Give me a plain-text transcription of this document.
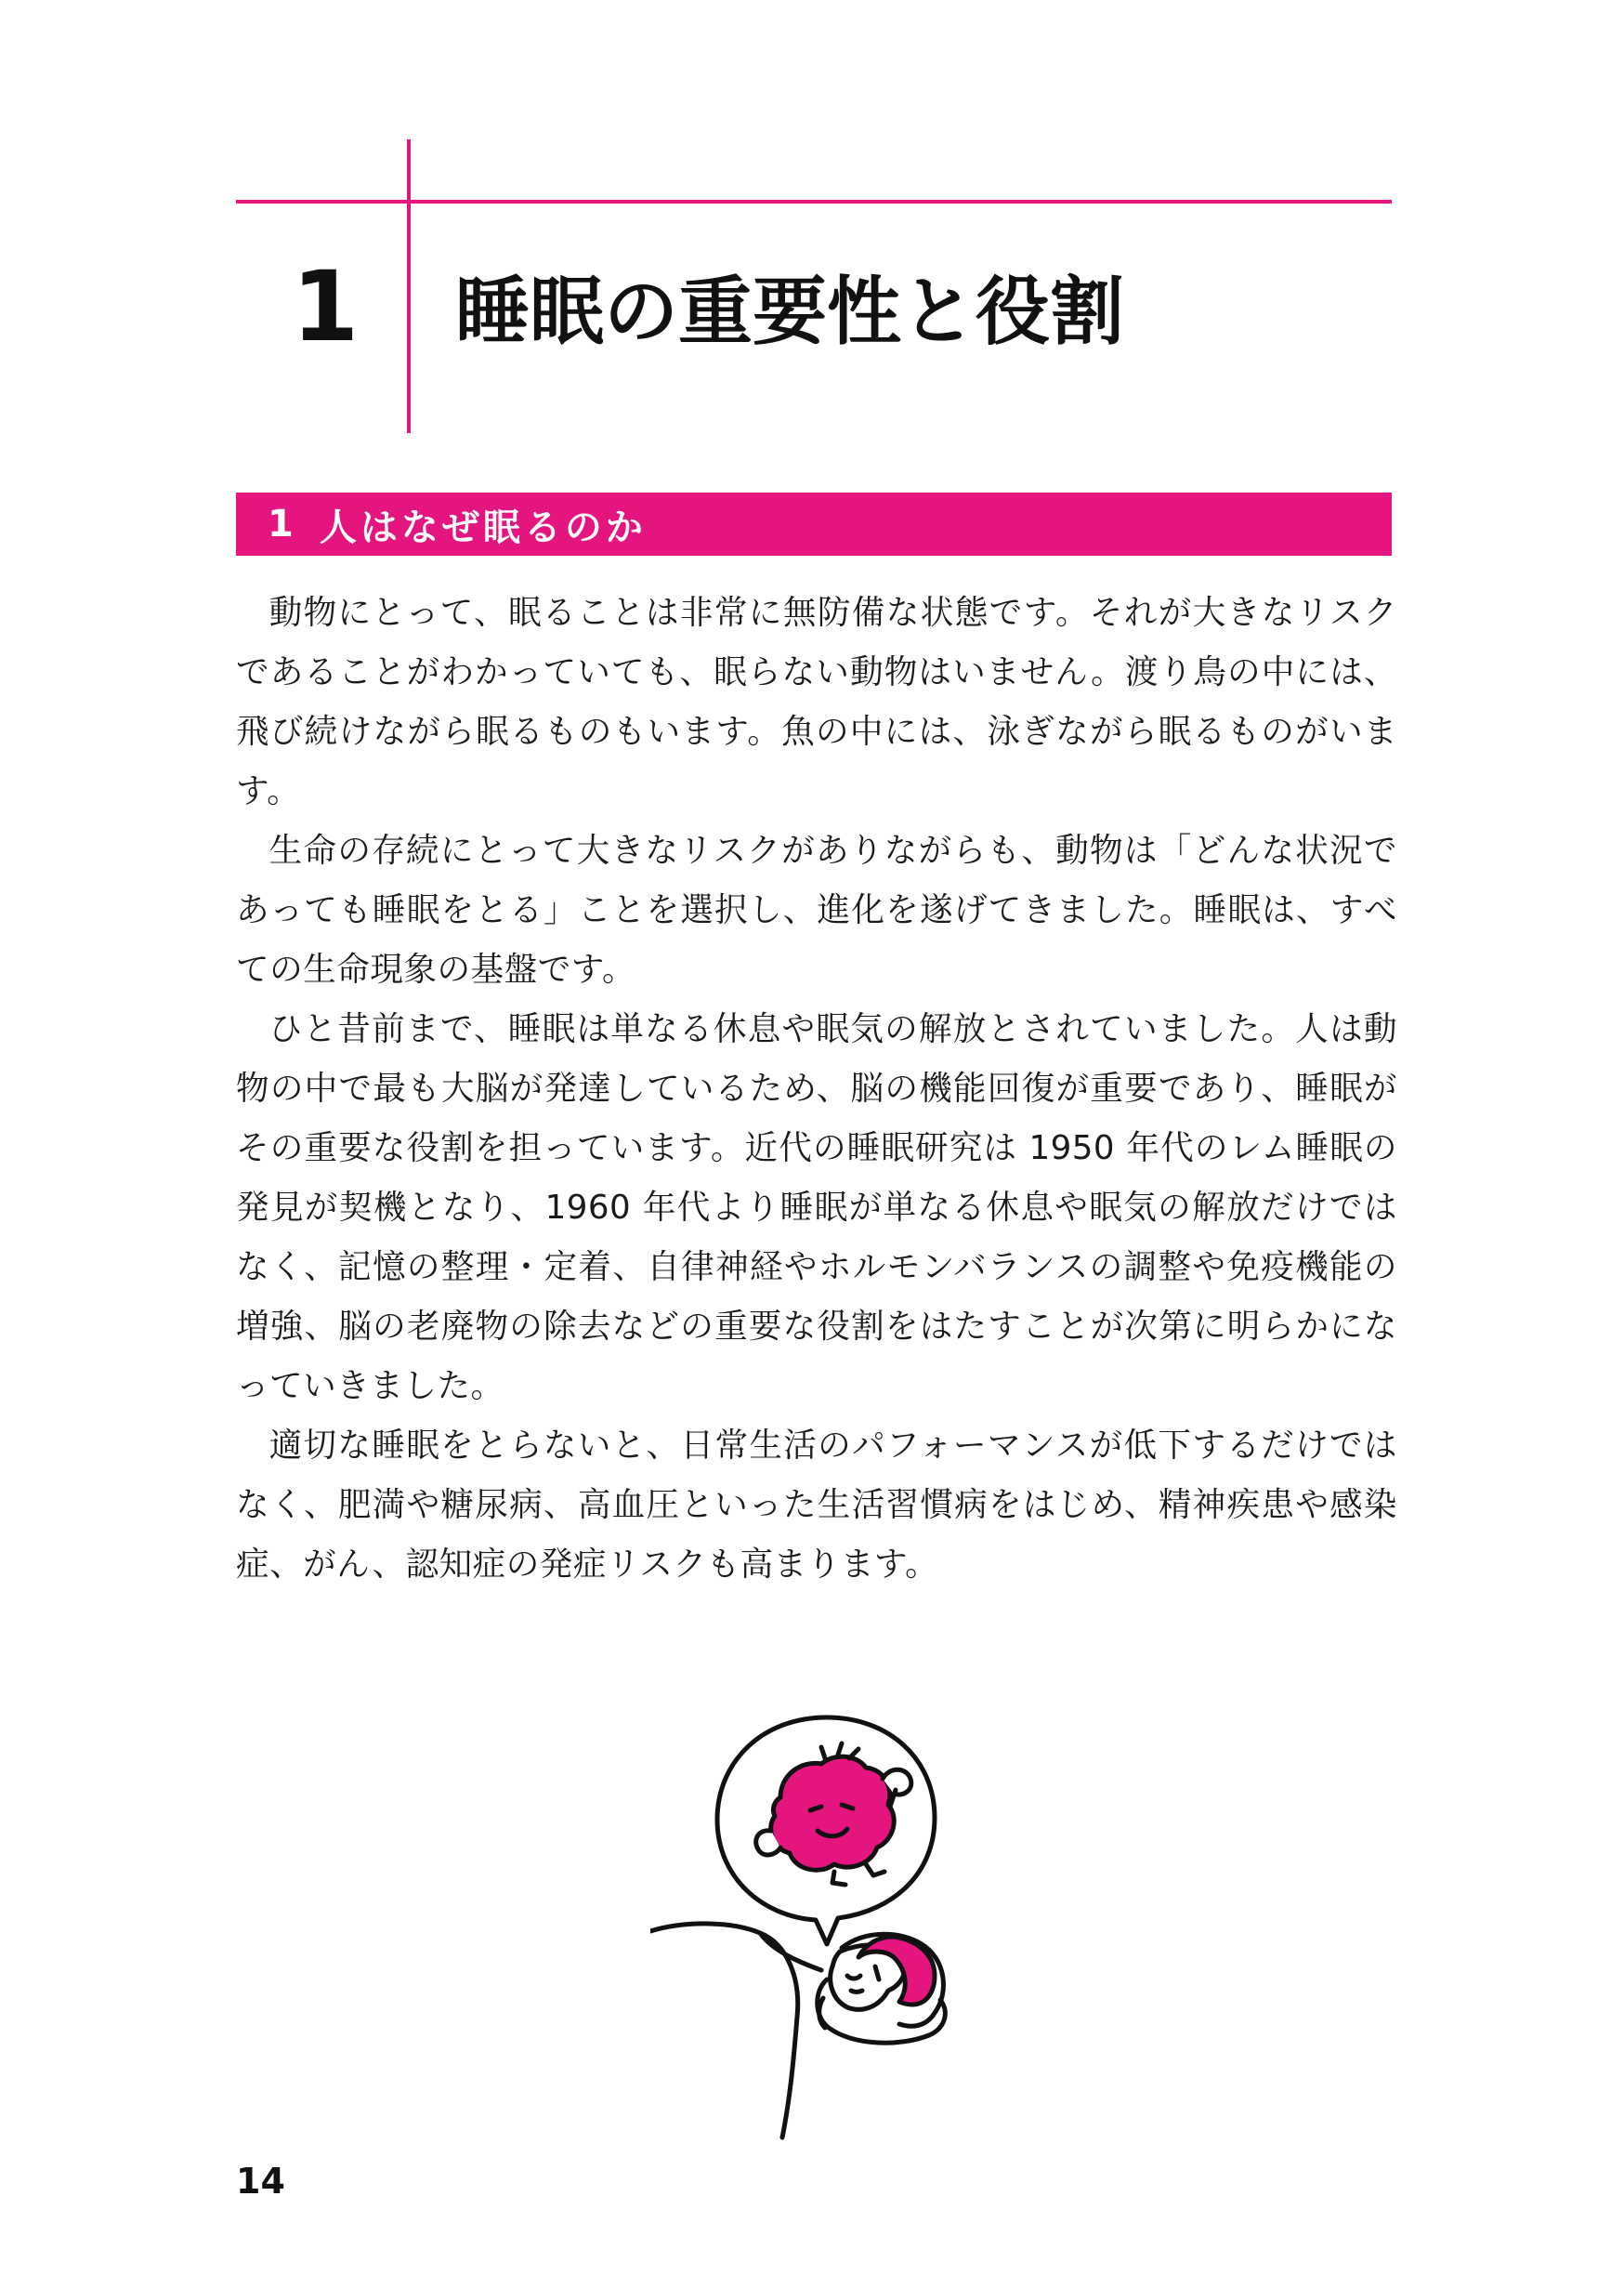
1 睡眠の重要性と役割
1 人はなぜ眠るのか

動物にとって、眠ることは非常に無防備な状態です。それが大きなリスクであることがわかっていても、眠らない動物はいません。渡り鳥の中には、飛び続けながら眠るものもいます。魚の中には、泳ぎながら眠るものがいます。

生命の存続にとって大きなリスクがありながらも、動物は「どんな状況であっても睡眠をとる」ことを選択し、進化を遂げてきました。睡眠は、すべての生命現象の基盤です。

ひと昔前まで、睡眠は単なる休息や眠気の解放とされていました。人は動物の中で最も大脳が発達しているため、脳の機能回復が重要であり、睡眠がその重要な役割を担っています。近代の睡眠研究は 1950 年代のレム睡眠の発見が契機となり、1960 年代より睡眠が単なる休息や眠気の解放だけではなく、記憶の整理・定着、自律神経やホルモンバランスの調整や免疫機能の増強、脳の老廃物の除去などの重要な役割をはたすことが次第に明らかになっていきました。

適切な睡眠をとらないと、日常生活のパフォーマンスが低下するだけではなく、肥満や糖尿病、高血圧といった生活習慣病をはじめ、精神疾患や感染症、がん、認知症の発症リスクも高まります。

14
